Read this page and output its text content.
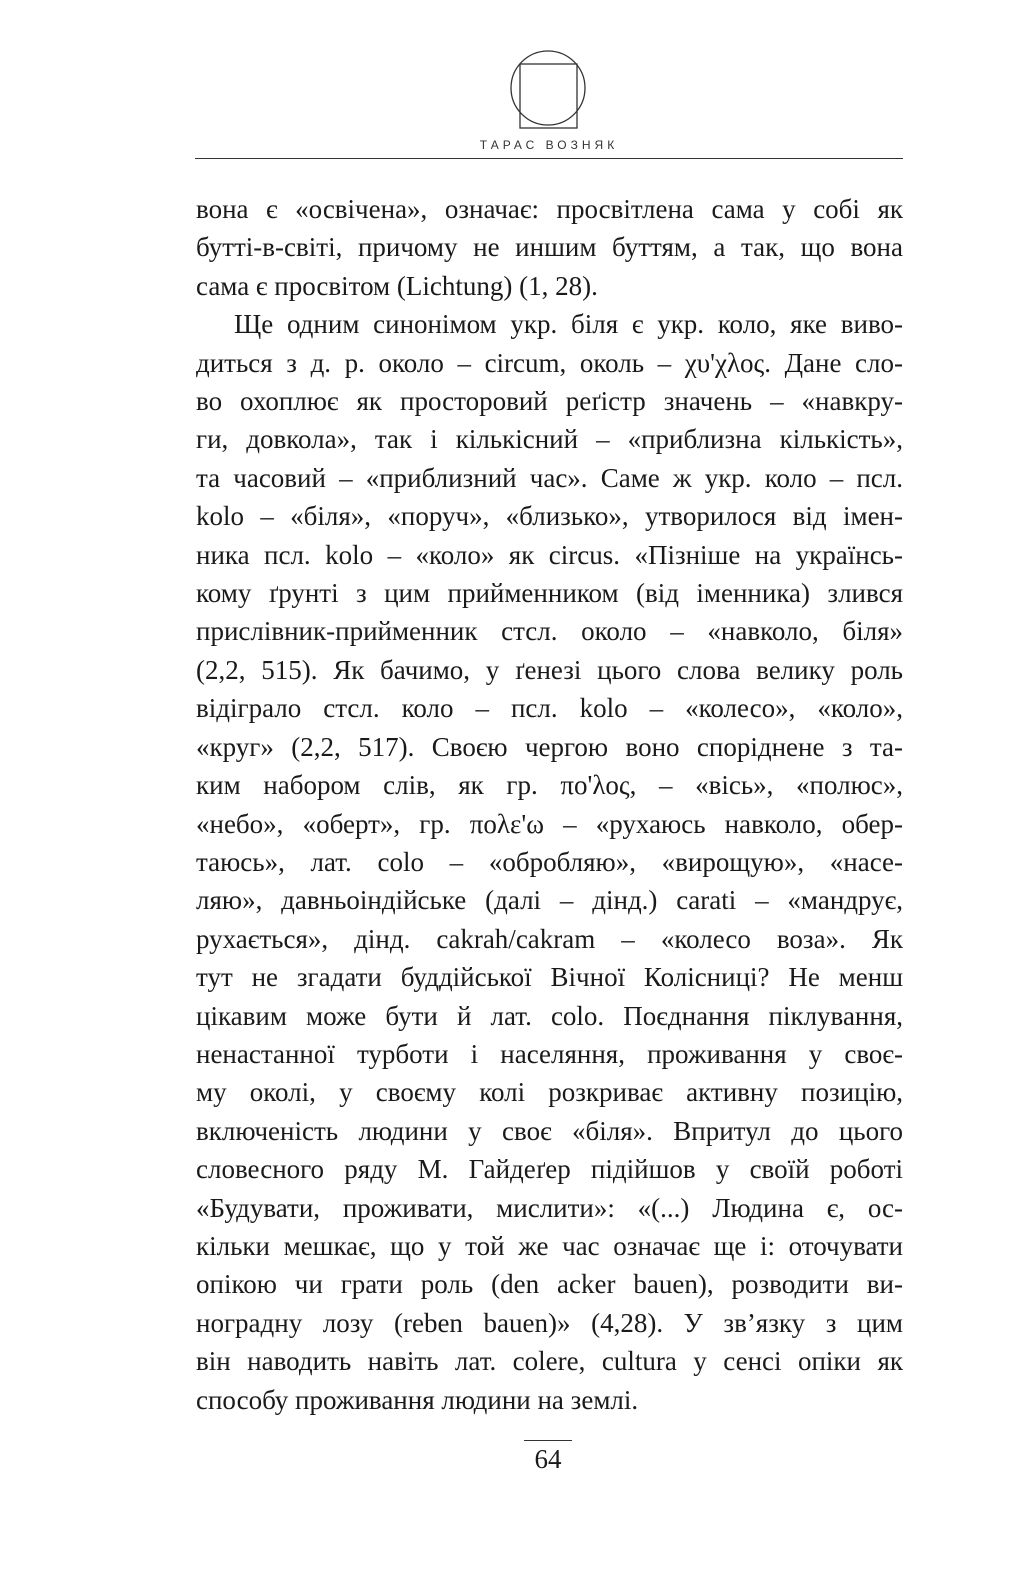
ТАРАС ВОЗНЯК

вона є «освічена», означає: просвітлена сама у собі як
бутті-в-світі, причому не иншим буттям, а так, що вона
сама є просвітом (Lichtung) (1, 28).

Ще одним синонімом укр. біля є укр. коло, яке виво-
диться з д. р. около – circum, околь – χυ'χλος. Дане сло-
во охоплює як просторовий реґістр значень – «навкру-
ги, довкола», так і кількісний – «приблизна кількість»,
та часовий – «приблизний час». Саме ж укр. коло – псл.
kolo – «біля», «поруч», «близько», утворилося від імен-
ника псл. kolo – «коло» як circus. «Пізніше на українсь-
кому ґрунті з цим прийменником (від іменника) злився
прислівник-прийменник стсл. около – «навколо, біля»
(2,2, 515). Як бачимо, у ґенезі цього слова велику роль
відіграло стсл. коло – псл. kolo – «колесо», «коло»,
«круг» (2,2, 517). Своєю чергою воно споріднене з та-
ким набором слів, як гр. πο'λος, – «вісь», «полюс»,
«небо», «оберт», гр. πολε'ω – «рухаюсь навколо, обер-
таюсь», лат. colo – «обробляю», «вирощую», «насе-
ляю», давньоіндійське (далі – дінд.) carati – «мандрує,
рухається», дінд. cakrah/cakram – «колесо воза». Як
тут не згадати буддійської Вічної Колісниці? Не менш
цікавим може бути й лат. colo. Поєднання піклування,
ненастанної турботи і населяння, проживання у своє-
му околі, у своєму колі розкриває активну позицію,
включеність людини у своє «біля». Впритул до цього
словесного ряду М. Гайдеґер підійшов у своїй роботі
«Будувати, проживати, мислити»: «(...) Людина є, ос-
кільки мешкає, що у той же час означає ще і: оточувати
опікою чи грати роль (den acker bauen), розводити ви-
ноградну лозу (reben bauen)» (4,28). У зв’язку з цим
він наводить навіть лат. colere, cultura у сенсі опіки як
способу проживання людини на землі.

64
